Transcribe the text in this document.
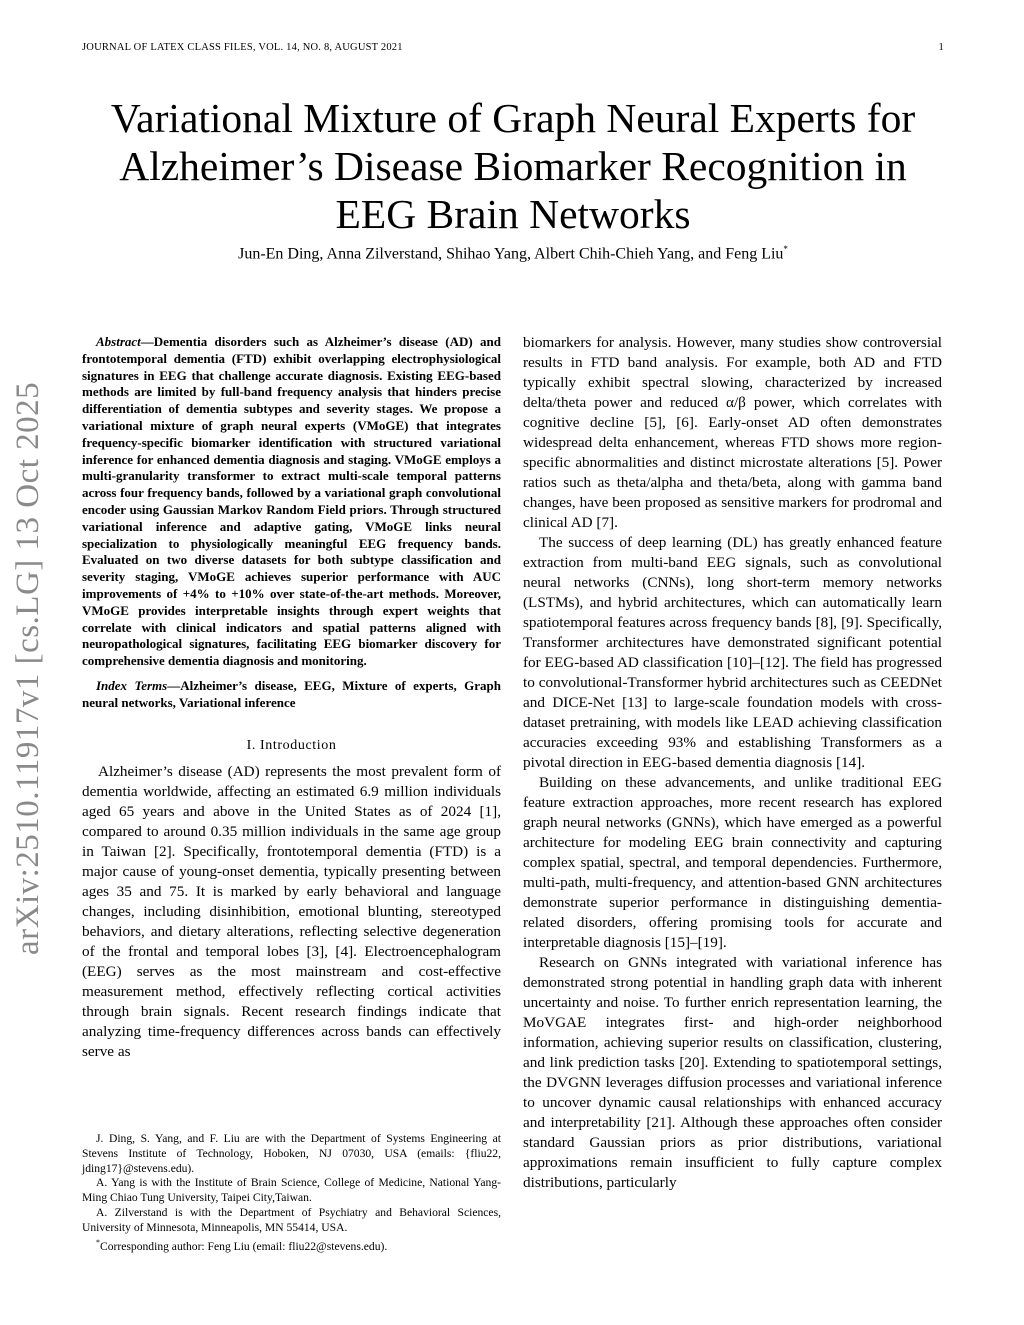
JOURNAL OF LATEX CLASS FILES, VOL. 14, NO. 8, AUGUST 2021	1
arXiv:2510.11917v1 [cs.LG] 13 Oct 2025
Variational Mixture of Graph Neural Experts for Alzheimer’s Disease Biomarker Recognition in EEG Brain Networks
Jun-En Ding, Anna Zilverstand, Shihao Yang, Albert Chih-Chieh Yang, and Feng Liu*

Abstract—Dementia disorders such as Alzheimer’s disease (AD) and frontotemporal dementia (FTD) exhibit overlapping electrophysiological signatures in EEG that challenge accurate diagnosis. Existing EEG-based methods are limited by full-band frequency analysis that hinders precise differentiation of dementia subtypes and severity stages. We propose a variational mixture of graph neural experts (VMoGE) that integrates frequency-specific biomarker identification with structured variational inference for enhanced dementia diagnosis and staging. VMoGE employs a multi-granularity transformer to extract multi-scale temporal patterns across four frequency bands, followed by a variational graph convolutional encoder using Gaussian Markov Random Field priors. Through structured variational inference and adaptive gating, VMoGE links neural specialization to physiologically meaningful EEG frequency bands. Evaluated on two diverse datasets for both subtype classification and severity staging, VMoGE achieves superior performance with AUC improvements of +4% to +10% over state-of-the-art methods. Moreover, VMoGE provides interpretable insights through expert weights that correlate with clinical indicators and spatial patterns aligned with neuropathological signatures, facilitating EEG biomarker discovery for comprehensive dementia diagnosis and monitoring.

Index Terms—Alzheimer’s disease, EEG, Mixture of experts, Graph neural networks, Variational inference

I. Introduction

Alzheimer’s disease (AD) represents the most prevalent form of dementia worldwide, affecting an estimated 6.9 million individuals aged 65 years and above in the United States as of 2024 [1], compared to around 0.35 million individuals in the same age group in Taiwan [2]. Specifically, frontotemporal dementia (FTD) is a major cause of young-onset dementia, typically presenting between ages 35 and 75. It is marked by early behavioral and language changes, including disinhibition, emotional blunting, stereotyped behaviors, and dietary alterations, reflecting selective degeneration of the frontal and temporal lobes [3], [4]. Electroencephalogram (EEG) serves as the most mainstream and cost-effective measurement method, effectively reflecting cortical activities through brain signals. Recent research findings indicate that analyzing time-frequency differences across bands can effectively serve as

biomarkers for analysis. However, many studies show controversial results in FTD band analysis. For example, both AD and FTD typically exhibit spectral slowing, characterized by increased delta/theta power and reduced α/β power, which correlates with cognitive decline [5], [6]. Early-onset AD often demonstrates widespread delta enhancement, whereas FTD shows more region-specific abnormalities and distinct microstate alterations [5]. Power ratios such as theta/alpha and theta/beta, along with gamma band changes, have been proposed as sensitive markers for prodromal and clinical AD [7].

The success of deep learning (DL) has greatly enhanced feature extraction from multi-band EEG signals, such as convolutional neural networks (CNNs), long short-term memory networks (LSTMs), and hybrid architectures, which can automatically learn spatiotemporal features across frequency bands [8], [9]. Specifically, Transformer architectures have demonstrated significant potential for EEG-based AD classification [10]–[12]. The field has progressed to convolutional-Transformer hybrid architectures such as CEEDNet and DICE-Net [13] to large-scale foundation models with cross-dataset pretraining, with models like LEAD achieving classification accuracies exceeding 93% and establishing Transformers as a pivotal direction in EEG-based dementia diagnosis [14].

Building on these advancements, and unlike traditional EEG feature extraction approaches, more recent research has explored graph neural networks (GNNs), which have emerged as a powerful architecture for modeling EEG brain connectivity and capturing complex spatial, spectral, and temporal dependencies. Furthermore, multi-path, multi-frequency, and attention-based GNN architectures demonstrate superior performance in distinguishing dementia-related disorders, offering promising tools for accurate and interpretable diagnosis [15]–[19].

Research on GNNs integrated with variational inference has demonstrated strong potential in handling graph data with inherent uncertainty and noise. To further enrich representation learning, the MoVGAE integrates first- and high-order neighborhood information, achieving superior results on classification, clustering, and link prediction tasks [20]. Extending to spatiotemporal settings, the DVGNN leverages diffusion processes and variational inference to uncover dynamic causal relationships with enhanced accuracy and interpretability [21]. Although these approaches often consider standard Gaussian priors as prior distributions, variational approximations remain insufficient to fully capture complex distributions, particularly

J. Ding, S. Yang, and F. Liu are with the Department of Systems Engineering at Stevens Institute of Technology, Hoboken, NJ 07030, USA (emails: {fliu22, jding17}@stevens.edu).

A. Yang is with the Institute of Brain Science, College of Medicine, National Yang-Ming Chiao Tung University, Taipei City,Taiwan.

A. Zilverstand is with the Department of Psychiatry and Behavioral Sciences, University of Minnesota, Minneapolis, MN 55414, USA.

*Corresponding author: Feng Liu (email: fliu22@stevens.edu).
